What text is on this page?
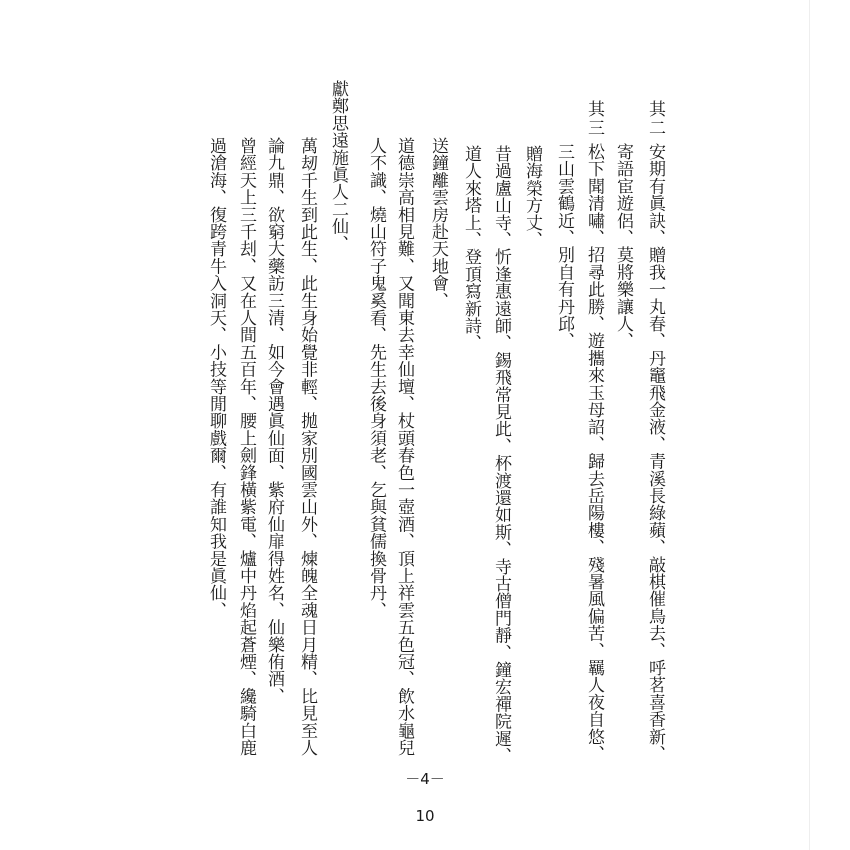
其二
安期有眞訣、贈我一丸春、丹竈飛金液、青溪長綠蘋、敲棋催鳥去、呼茗喜香新、
寄語宦遊侶、莫將樂讓人、
其三
松下聞清嘯、招尋此勝、遊攜來玉母詔、歸去岳陽樓、殘暑風偏苦、羈人夜自悠、
三山雲鶴近、別自有丹邱、
贈海榮方丈、
昔過盧山寺、忻逢惠遠師、錫飛常見此、杯渡還如斯、寺古僧門靜、鐘宏禪院遲、
道人來塔上、登頂寫新詩、
送鐘離雲房赴天地會、
道德崇高相見難、又聞東去幸仙壇、杖頭春色一壺酒、頂上祥雲五色冠、飲水龜兒
人不識、燒山符子鬼奚看、先生去後身須老、乞與貧儒換骨丹、
獻鄭思遠施眞人二仙、
萬刼千生到此生、此生身始覺非輕、拋家別國雲山外、煉魄全魂日月精、比見至人
論九鼎、欲窮大藥訪三清、如今會遇眞仙面、紫府仙扉得姓名、仙樂侑酒、
曾經天上三千刦、又在人間五百年、腰上劍鋒橫紫電、爐中丹焰起蒼煙、纔騎白鹿
過滄海、復跨青牛入洞天、小技等閒聊戲爾、有誰知我是眞仙、
－4－
10
